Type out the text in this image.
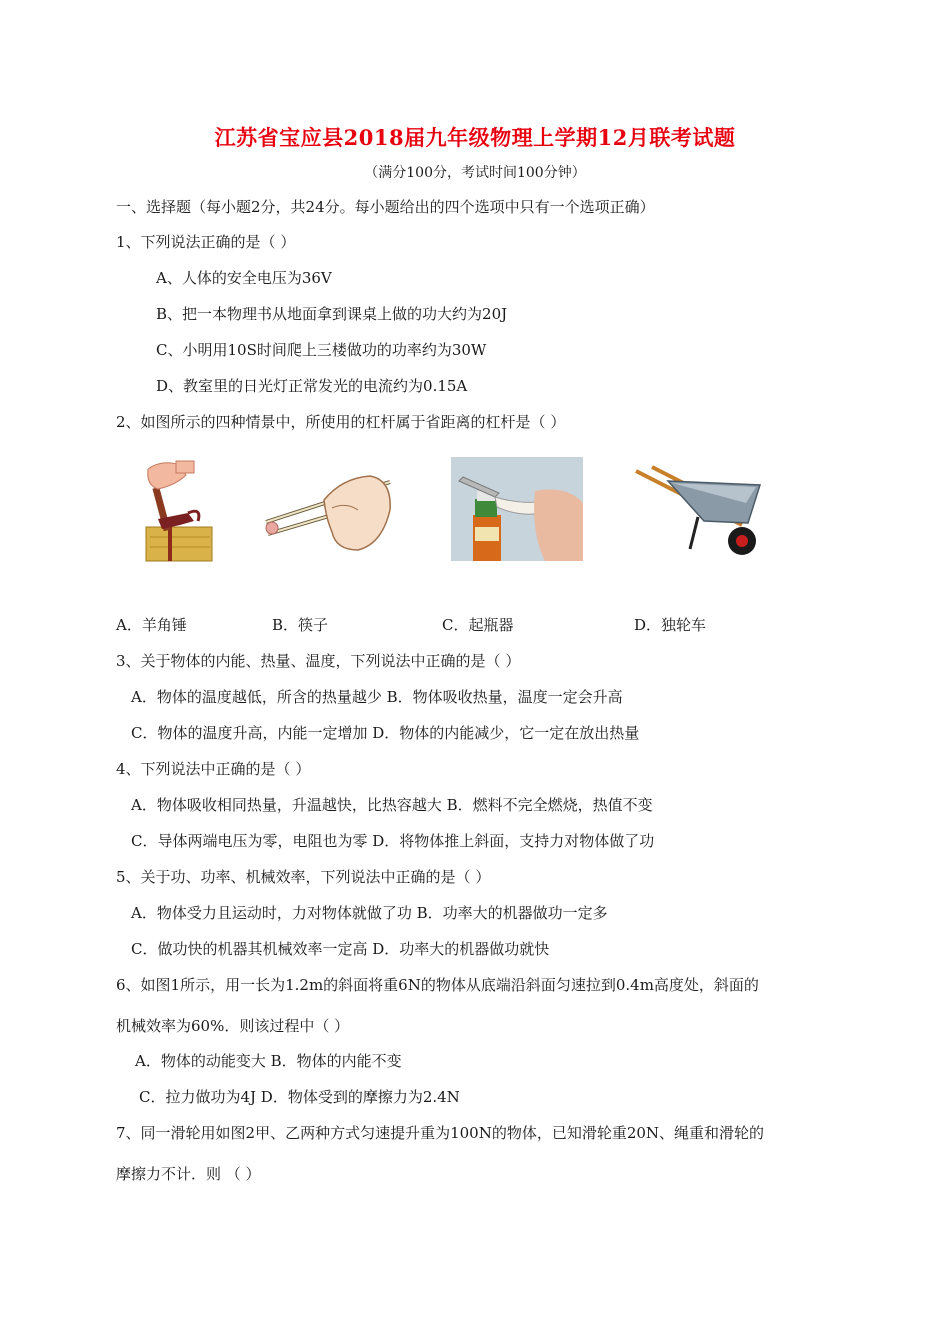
江苏省宝应县2018届九年级物理上学期12月联考试题
（满分100分，考试时间100分钟）
一、选择题（每小题2分，共24分。每小题给出的四个选项中只有一个选项正确）
1、下列说法正确的是（ ）
A、人体的安全电压为36V
B、把一本物理书从地面拿到课桌上做的功大约为20J
C、小明用10S时间爬上三楼做功的功率约为30W
D、教室里的日光灯正常发光的电流约为0.15A
2、如图所示的四种情景中，所使用的杠杆属于省距离的杠杆是（ ）
A．羊角锤	B．筷子	C．起瓶器	D．独轮车
3、关于物体的内能、热量、温度，下列说法中正确的是（ ）
A．物体的温度越低，所含的热量越少 B．物体吸收热量，温度一定会升高
C．物体的温度升高，内能一定增加 D．物体的内能减少，它一定在放出热量
4、下列说法中正确的是（ ）
A．物体吸收相同热量，升温越快，比热容越大 B．燃料不完全燃烧，热值不变
C．导体两端电压为零，电阻也为零 D．将物体推上斜面，支持力对物体做了功
5、关于功、功率、机械效率，下列说法中正确的是（ ）
A．物体受力且运动时，力对物体就做了功 B．功率大的机器做功一定多
C．做功快的机器其机械效率一定高 D．功率大的机器做功就快
6、如图1所示，用一长为1.2m的斜面将重6N的物体从底端沿斜面匀速拉到0.4m高度处，斜面的
机械效率为60%．则该过程中（ ）
A．物体的动能变大 B．物体的内能不变
C．拉力做功为4J D．物体受到的摩擦力为2.4N
7、同一滑轮用如图2甲、乙两种方式匀速提升重为100N的物体，已知滑轮重20N、绳重和滑轮的
摩擦力不计．则 （ ）
